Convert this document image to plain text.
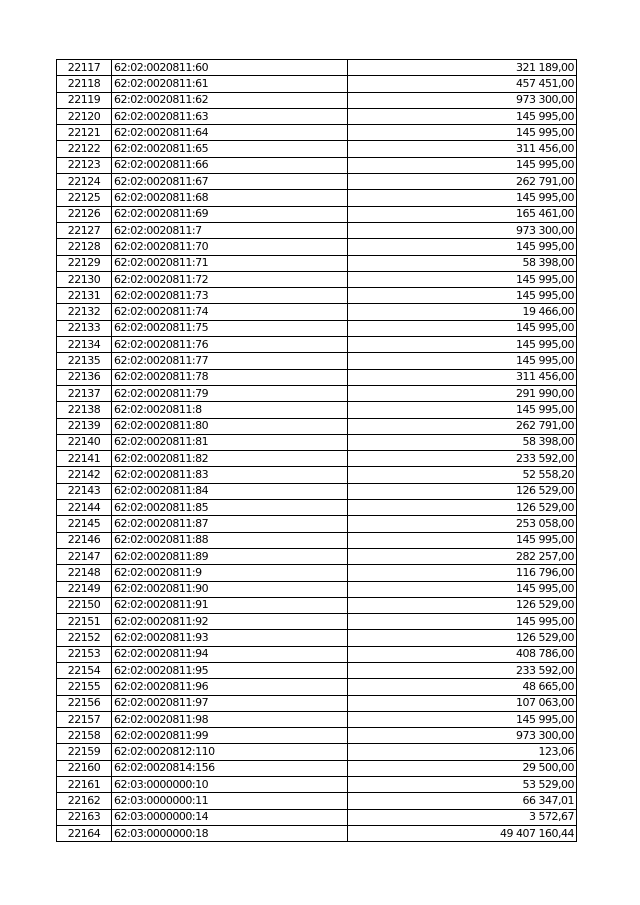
22117	62:02:0020811:60	321 189,00
22118	62:02:0020811:61	457 451,00
22119	62:02:0020811:62	973 300,00
22120	62:02:0020811:63	145 995,00
22121	62:02:0020811:64	145 995,00
22122	62:02:0020811:65	311 456,00
22123	62:02:0020811:66	145 995,00
22124	62:02:0020811:67	262 791,00
22125	62:02:0020811:68	145 995,00
22126	62:02:0020811:69	165 461,00
22127	62:02:0020811:7	973 300,00
22128	62:02:0020811:70	145 995,00
22129	62:02:0020811:71	58 398,00
22130	62:02:0020811:72	145 995,00
22131	62:02:0020811:73	145 995,00
22132	62:02:0020811:74	19 466,00
22133	62:02:0020811:75	145 995,00
22134	62:02:0020811:76	145 995,00
22135	62:02:0020811:77	145 995,00
22136	62:02:0020811:78	311 456,00
22137	62:02:0020811:79	291 990,00
22138	62:02:0020811:8	145 995,00
22139	62:02:0020811:80	262 791,00
22140	62:02:0020811:81	58 398,00
22141	62:02:0020811:82	233 592,00
22142	62:02:0020811:83	52 558,20
22143	62:02:0020811:84	126 529,00
22144	62:02:0020811:85	126 529,00
22145	62:02:0020811:87	253 058,00
22146	62:02:0020811:88	145 995,00
22147	62:02:0020811:89	282 257,00
22148	62:02:0020811:9	116 796,00
22149	62:02:0020811:90	145 995,00
22150	62:02:0020811:91	126 529,00
22151	62:02:0020811:92	145 995,00
22152	62:02:0020811:93	126 529,00
22153	62:02:0020811:94	408 786,00
22154	62:02:0020811:95	233 592,00
22155	62:02:0020811:96	48 665,00
22156	62:02:0020811:97	107 063,00
22157	62:02:0020811:98	145 995,00
22158	62:02:0020811:99	973 300,00
22159	62:02:0020812:110	123,06
22160	62:02:0020814:156	29 500,00
22161	62:03:0000000:10	53 529,00
22162	62:03:0000000:11	66 347,01
22163	62:03:0000000:14	3 572,67
22164	62:03:0000000:18	49 407 160,44
